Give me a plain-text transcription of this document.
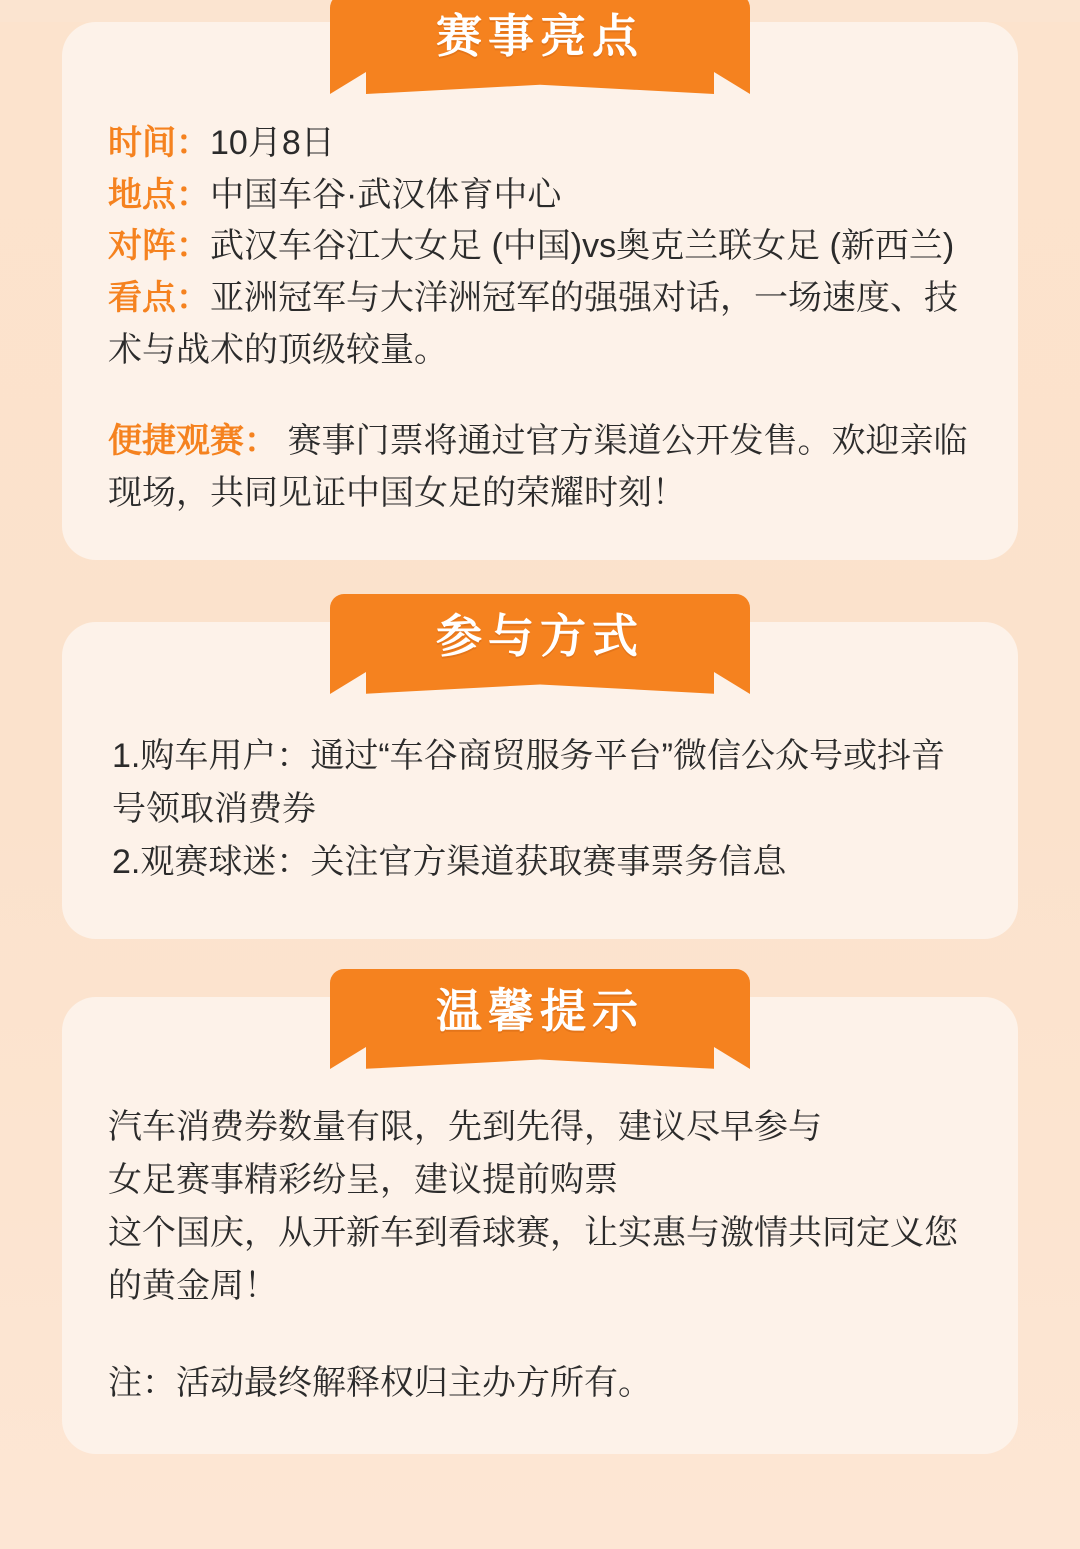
赛事亮点
时间：10月8日
地点：中国车谷·武汉体育中心
对阵：武汉车谷江大女足 (中国)vs奥克兰联女足 (新西兰)
看点：亚洲冠军与大洋洲冠军的强强对话，一场速度、技术与战术的顶级较量。
便捷观赛： 赛事门票将通过官方渠道公开发售。欢迎亲临现场，共同见证中国女足的荣耀时刻！
参与方式
1.购车用户：通过“车谷商贸服务平台”微信公众号或抖音号领取消费券
2.观赛球迷：关注官方渠道获取赛事票务信息
温馨提示
汽车消费券数量有限，先到先得，建议尽早参与
女足赛事精彩纷呈，建议提前购票
这个国庆，从开新车到看球赛，让实惠与激情共同定义您的黄金周！
注：活动最终解释权归主办方所有。
